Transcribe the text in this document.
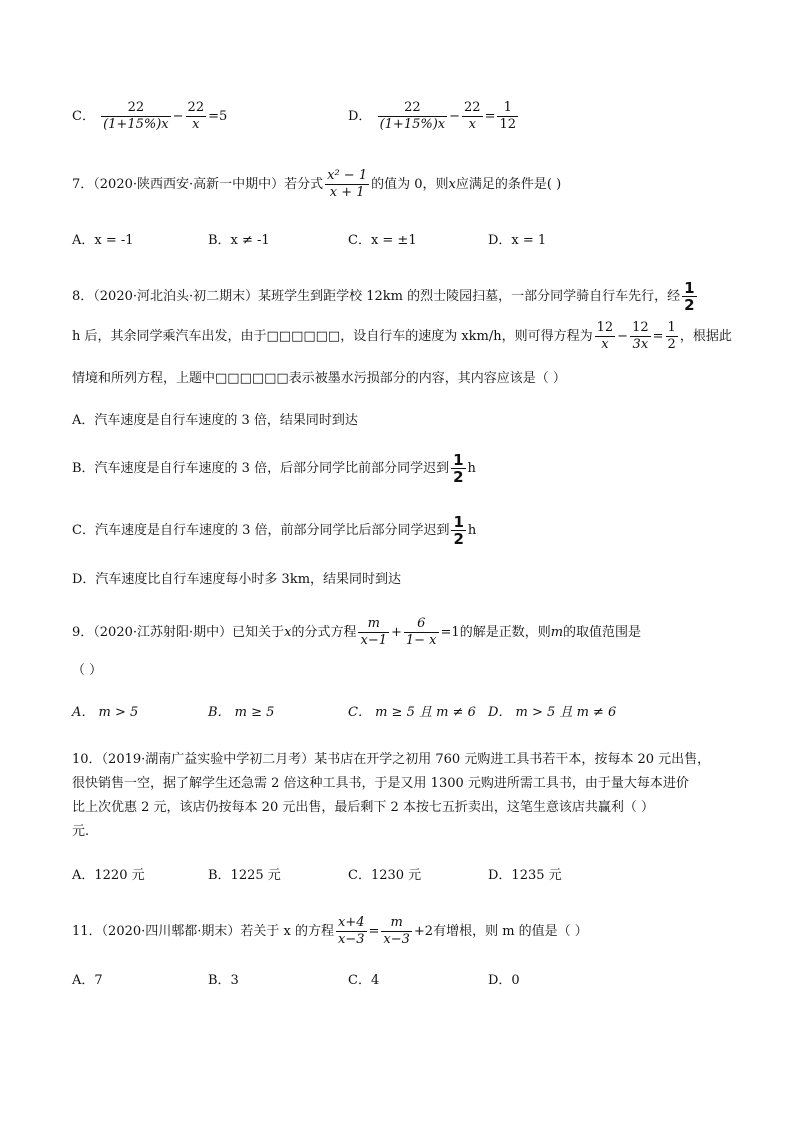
C． $\frac{22}{(1+15\%)x} - \frac{22}{x} =5$	D． $\frac{22}{(1+15\%)x} - \frac{22}{x} = \frac{1}{12}$
7．（2020·陕西西安·高新一中期中）若分式 $\frac{\text{x² − 1}}{x + 1}$ 的值为 0，则x应满足的条件是( )
A．x = -1	B．x ≠ -1	C．x = ±1	D．x = 1
8．（2020·河北泊头·初二期末）某班学生到距学校 12km 的烈士陵园扫墓，一部分同学骑自行车先行，经 $\frac{1}{2}$
h 后，其余同学乘汽车出发，由于□□□□□□，设自行车的速度为 xkm/h，则可得方程为 $\frac{12}{x} - \frac{12}{3x} = \frac{1}{2}$ ，根据此
情境和所列方程，上题中□□□□□□表示被墨水污损部分的内容，其内容应该是（ ）
A．汽车速度是自行车速度的 3 倍，结果同时到达
B．汽车速度是自行车速度的 3 倍，后部分同学比前部分同学迟到 $\frac{1}{2}$ h
C．汽车速度是自行车速度的 3 倍，前部分同学比后部分同学迟到 $\frac{1}{2}$ h
D．汽车速度比自行车速度每小时多 3km，结果同时到达
9．（2020·江苏射阳·期中）已知关于x的分式方程 $\frac{m}{x-1} + \frac{6}{1- x} =1$的解是正数，则m的取值范围是
（ ）
A． m > 5	B． m ≥ 5	C． m ≥ 5 且 m ≠ 6 D． m > 5 且 m ≠ 6
10．（2019·湖南广益实验中学初二月考）某书店在开学之初用 760 元购进工具书若干本，按每本 20 元出售，
很快销售一空，据了解学生还急需 2 倍这种工具书，于是又用 1300 元购进所需工具书，由于量大每本进价
比上次优惠 2 元，该店仍按每本 20 元出售，最后剩下 2 本按七五折卖出，这笔生意该店共赢利（ ）
元.
A．1220 元	B．1225 元	C．1230 元	D．1235 元
11．（2020·四川郫都·期末）若关于 x 的方程 $\frac{x+4}{x-3} = \frac{m}{x-3} +2$有增根，则 m 的值是（ ）
A．7	B．3	C．4	D．0
